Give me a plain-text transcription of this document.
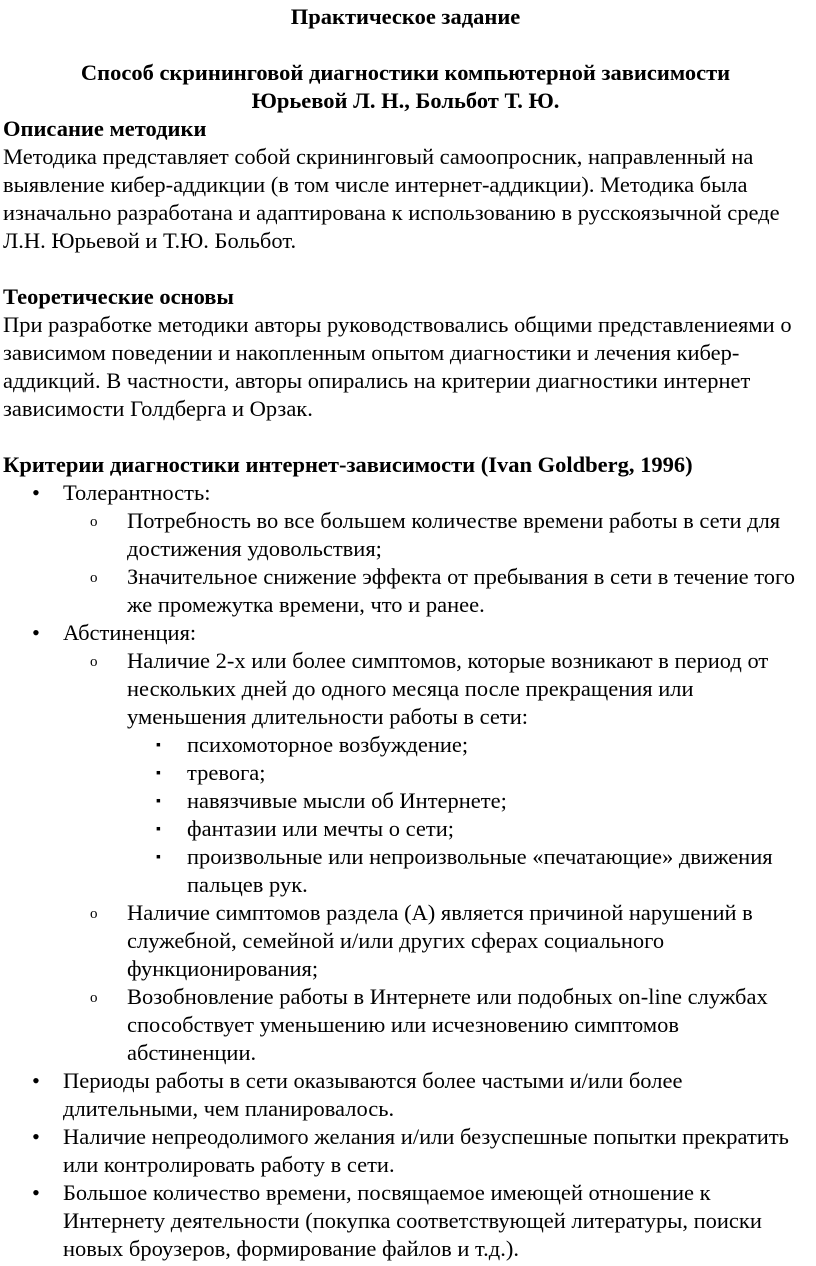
Практическое задание

Способ скрининговой диагностики компьютерной зависимости

Юрьевой Л. Н., Больбот Т. Ю.

Описание методики

Методика представляет собой скрининговый самоопросник, направленный на выявление кибер-аддикции (в том числе интернет-аддикции). Методика была изначально разработана и адаптирована к использованию в русскоязычной среде Л.Н. Юрьевой и Т.Ю. Больбот.

Теоретические основы

При разработке методики авторы руководствовались общими представлениеями о зависимом поведении и накопленным опытом диагностики и лечения кибер-аддикций. В частности, авторы опирались на критерии диагностики интернет зависимости Голдберга и Орзак.

Критерии диагностики интернет-зависимости (Ivan Goldberg, 1996)

• Толерантность:
o Потребность во все большем количестве времени работы в сети для достижения удовольствия;
o Значительное снижение эффекта от пребывания в сети в течение того же промежутка времени, что и ранее.
• Абстиненция:
o Наличие 2-х или более симптомов, которые возникают в период от нескольких дней до одного месяца после прекращения или уменьшения длительности работы в сети:
▪ психомоторное возбуждение;
▪ тревога;
▪ навязчивые мысли об Интернете;
▪ фантазии или мечты о сети;
▪ произвольные или непроизвольные «печатающие» движения пальцев рук.
o Наличие симптомов раздела (А) является причиной нарушений в служебной, семейной и/или других сферах социального функционирования;
o Возобновление работы в Интернете или подобных on-line службах способствует уменьшению или исчезновению симптомов абстиненции.
• Периоды работы в сети оказываются более частыми и/или более длительными, чем планировалось.
• Наличие непреодолимого желания и/или безуспешные попытки прекратить или контролировать работу в сети.
• Большое количество времени, посвящаемое имеющей отношение к Интернету деятельности (покупка соответствующей литературы, поиски новых броузеров, формирование файлов и т.д.).
